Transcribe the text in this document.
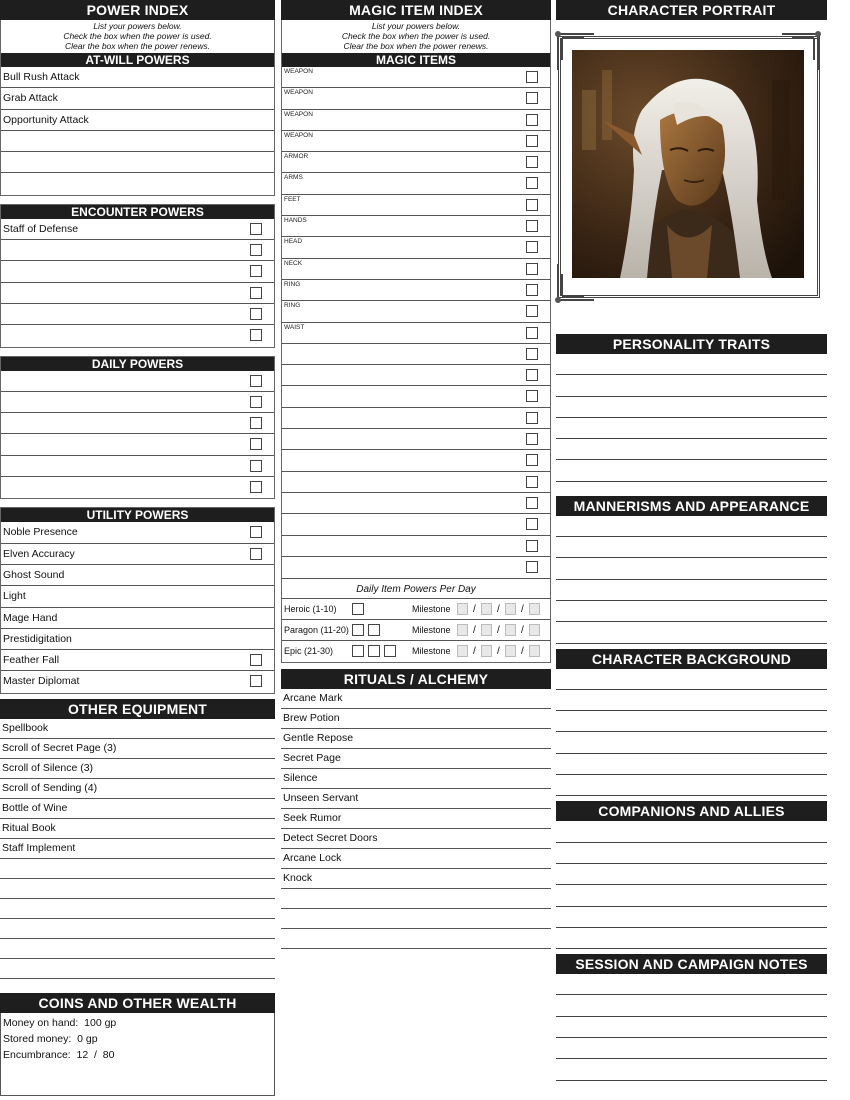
POWER INDEX
List your powers below.
Check the box when the power is used.
Clear the box when the power renews.
AT-WILL POWERS
Bull Rush Attack
Grab Attack
Opportunity Attack
ENCOUNTER POWERS
Staff of Defense
DAILY POWERS
UTILITY POWERS
Noble Presence
Elven Accuracy
Ghost Sound
Light
Mage Hand
Prestidigitation
Feather Fall
Master Diplomat
OTHER EQUIPMENT
Spellbook
Scroll of Secret Page (3)
Scroll of Silence (3)
Scroll of Sending (4)
Bottle of Wine
Ritual Book
Staff Implement
COINS AND OTHER WEALTH
Money on hand:  100 gp
Stored money:  0 gp
Encumbrance:  12  /  80
MAGIC ITEM INDEX
List your powers below.
Check the box when the power is used.
Clear the box when the power renews.
MAGIC ITEMS
WEAPON
WEAPON
WEAPON
WEAPON
ARMOR
ARMS
FEET
HANDS
HEAD
NECK
RING
RING
WAIST
Daily Item Powers Per Day
Heroic (1-10)	Milestone / / /
Paragon (11-20)	Milestone / / /
Epic (21-30)	Milestone / / /
RITUALS / ALCHEMY
Arcane Mark
Brew Potion
Gentle Repose
Secret Page
Silence
Unseen Servant
Seek Rumor
Detect Secret Doors
Arcane Lock
Knock
CHARACTER PORTRAIT
PERSONALITY TRAITS
MANNERISMS AND APPEARANCE
CHARACTER BACKGROUND
COMPANIONS AND ALLIES
SESSION AND CAMPAIGN NOTES
